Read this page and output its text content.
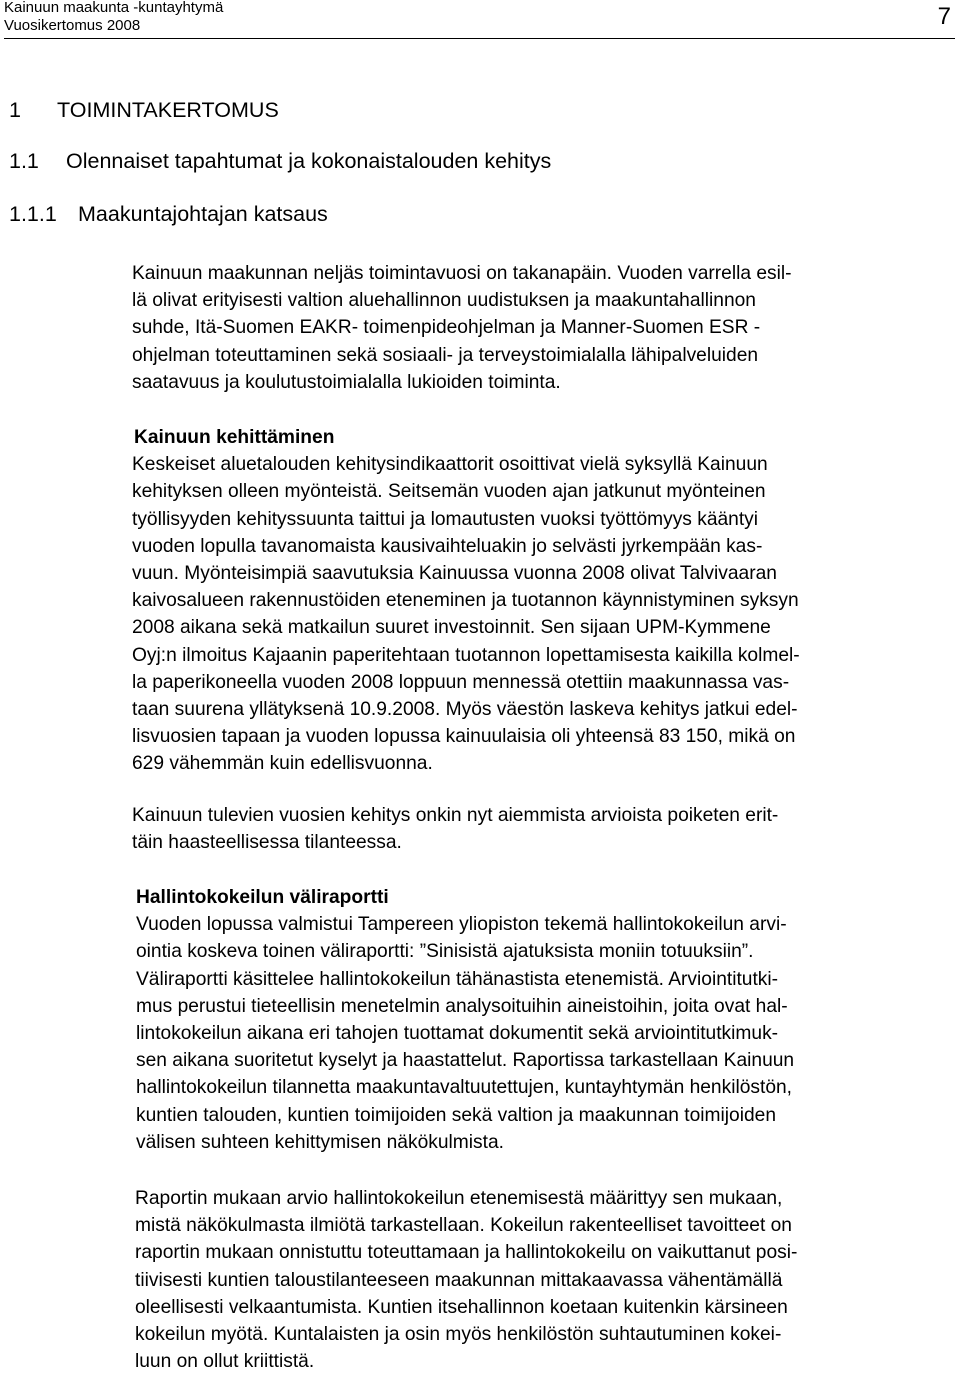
Kainuun maakunta -kuntayhtymä
Vuosikertomus 2008	7
1 TOIMINTAKERTOMUS
1.1 Olennaiset tapahtumat ja kokonaistalouden kehitys
1.1.1 Maakuntajohtajan katsaus
Kainuun maakunnan neljäs toimintavuosi on takanapäin. Vuoden varrella esil-
lä olivat erityisesti valtion aluehallinnon uudistuksen ja maakuntahallinnon
suhde, Itä-Suomen EAKR- toimenpideohjelman ja Manner-Suomen ESR -
ohjelman toteuttaminen sekä sosiaali- ja terveystoimialalla lähipalveluiden
saatavuus ja koulutustoimialalla lukioiden toiminta.
Kainuun kehittäminen
Keskeiset aluetalouden kehitysindikaattorit osoittivat vielä syksyllä Kainuun
kehityksen olleen myönteistä. Seitsemän vuoden ajan jatkunut myönteinen
työllisyyden kehityssuunta taittui ja lomautusten vuoksi työttömyys kääntyi
vuoden lopulla tavanomaista kausivaihteluakin jo selvästi jyrkempään kas-
vuun. Myönteisimpiä saavutuksia Kainuussa vuonna 2008 olivat Talvivaaran
kaivosalueen rakennustöiden eteneminen ja tuotannon käynnistyminen syksyn
2008 aikana sekä matkailun suuret investoinnit. Sen sijaan UPM-Kymmene
Oyj:n ilmoitus Kajaanin paperitehtaan tuotannon lopettamisesta kaikilla kolmel-
la paperikoneella vuoden 2008 loppuun mennessä otettiin maakunnassa vas-
taan suurena yllätyksenä 10.9.2008. Myös väestön laskeva kehitys jatkui edel-
lisvuosien tapaan ja vuoden lopussa kainuulaisia oli yhteensä 83 150, mikä on
629 vähemmän kuin edellisvuonna.
Kainuun tulevien vuosien kehitys onkin nyt aiemmista arvioista poiketen erit-
täin haasteellisessa tilanteessa.
Hallintokokeilun väliraportti
Vuoden lopussa valmistui Tampereen yliopiston tekemä hallintokokeilun arvi-
ointia koskeva toinen väliraportti: ”Sinisistä ajatuksista moniin totuuksiin”.
Väliraportti käsittelee hallintokokeilun tähänastista etenemistä. Arviointitutki-
mus perustui tieteellisin menetelmin analysoituihin aineistoihin, joita ovat hal-
lintokokeilun aikana eri tahojen tuottamat dokumentit sekä arviointitutkimuk-
sen aikana suoritetut kyselyt ja haastattelut. Raportissa tarkastellaan Kainuun
hallintokokeilun tilannetta maakuntavaltuutettujen, kuntayhtymän henkilöstön,
kuntien talouden, kuntien toimijoiden sekä valtion ja maakunnan toimijoiden
välisen suhteen kehittymisen näkökulmista.
Raportin mukaan arvio hallintokokeilun etenemisestä määrittyy sen mukaan,
mistä näkökulmasta ilmiötä tarkastellaan. Kokeilun rakenteelliset tavoitteet on
raportin mukaan onnistuttu toteuttamaan ja hallintokokeilu on vaikuttanut posi-
tiivisesti kuntien taloustilanteeseen maakunnan mittakaavassa vähentämällä
oleellisesti velkaantumista. Kuntien itsehallinnon koetaan kuitenkin kärsineen
kokeilun myötä. Kuntalaisten ja osin myös henkilöstön suhtautuminen kokei-
luun on ollut kriittistä.
